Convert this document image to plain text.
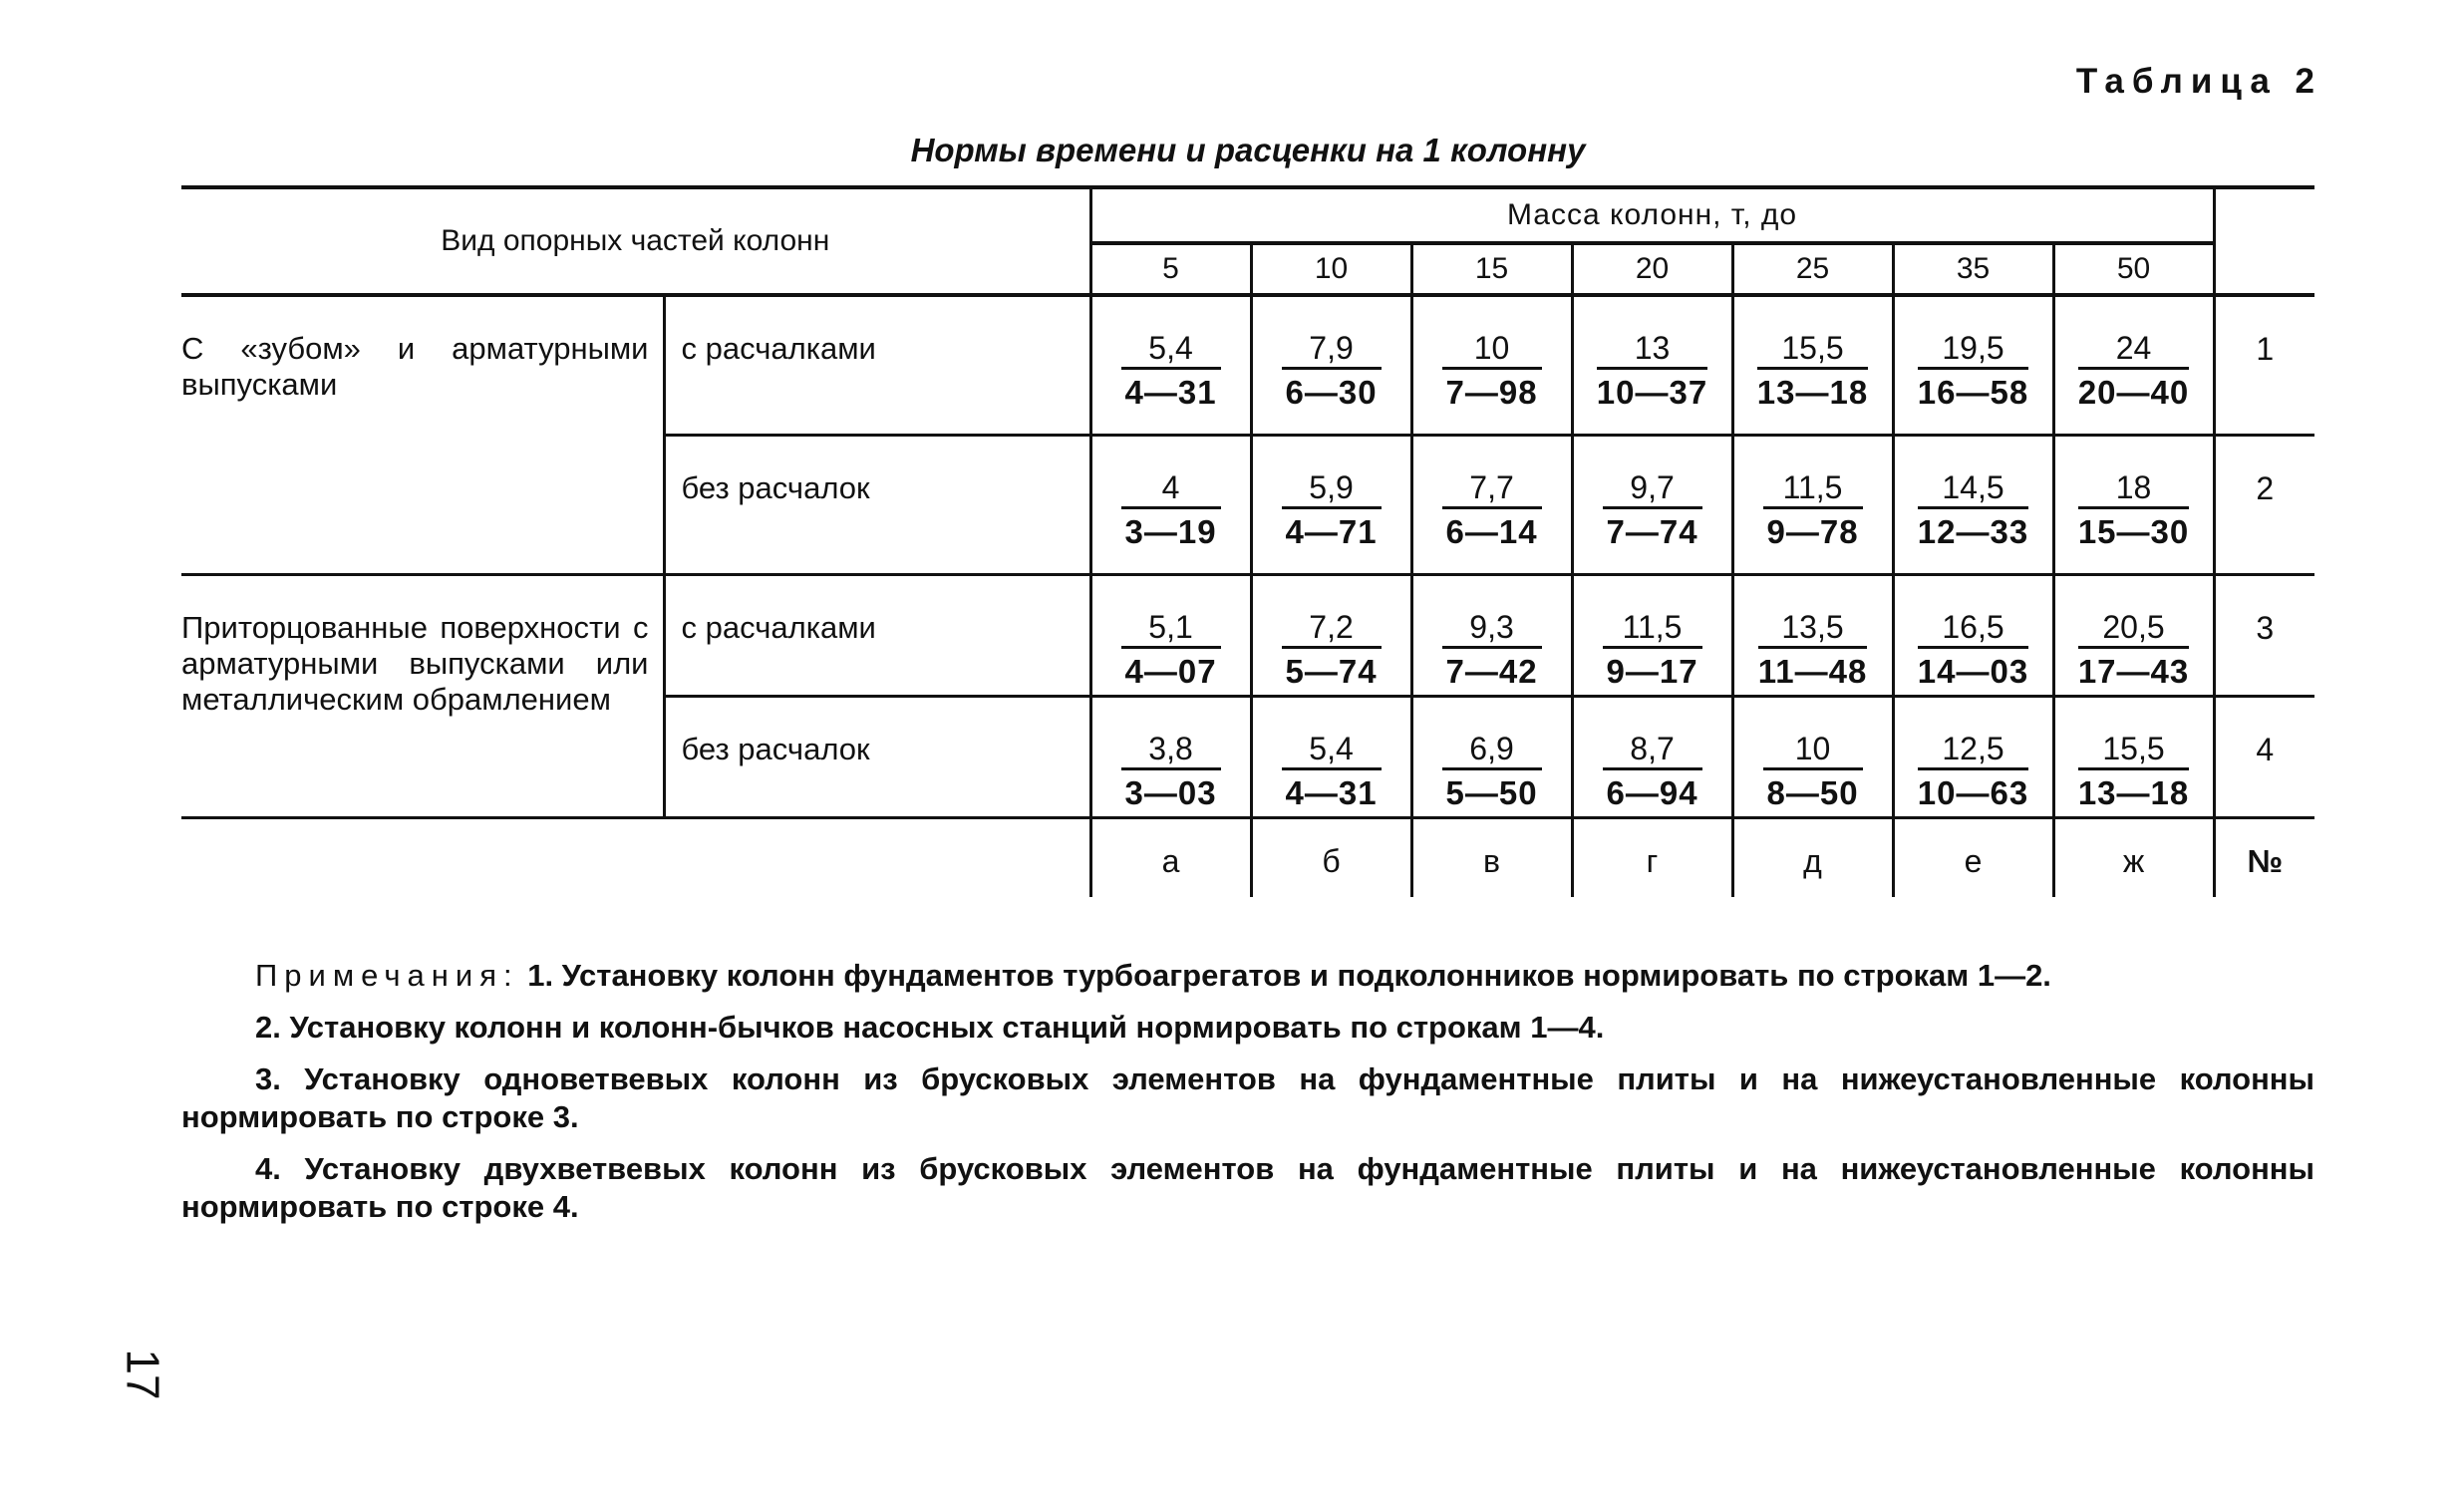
Таблица 2
Нормы времени и расценки на 1 колонну
Вид опорных частей колонн		Масса колонн, т, до							
		5	10	15	20	25	35	50	
С «зубом» и арматурными выпусками	с расчалками	$\frac{5,4}{4—31}$	$\frac{7,9}{6—30}$	$\frac{10}{7—98}$	$\frac{13}{10—37}$	$\frac{15,5}{13—18}$	$\frac{19,5}{16—58}$	$\frac{24}{20—40}$	1
	без расчалок	$\frac{4}{3—19}$	$\frac{5,9}{4—71}$	$\frac{7,7}{6—14}$	$\frac{9,7}{7—74}$	$\frac{11,5}{9—78}$	$\frac{14,5}{12—33}$	$\frac{18}{15—30}$	2
Приторцованные поверхности с арматурными выпусками или металлическим обрамлением	с расчалками	$\frac{5,1}{4—07}$	$\frac{7,2}{5—74}$	$\frac{9,3}{7—42}$	$\frac{11,5}{9—17}$	$\frac{13,5}{11—48}$	$\frac{16,5}{14—03}$	$\frac{20,5}{17—43}$	3
	без расчалок	$\frac{3,8}{3—03}$	$\frac{5,4}{4—31}$	$\frac{6,9}{5—50}$	$\frac{8,7}{6—94}$	$\frac{10}{8—50}$	$\frac{12,5}{10—63}$	$\frac{15,5}{13—18}$	4
		а	б	в	г	д	е	ж	№

Примечания: 1. Установку колонн фундаментов турбоагрегатов и подколонников нормировать по строкам 1—2.

2. Установку колонн и колонн-бычков насосных станций нормировать по строкам 1—4.

3. Установку одноветвевых колонн из брусковых элементов на фундаментные плиты и на нижеустановленные колонны нормировать по строке 3.

4. Установку двухветвевых колонн из брусковых элементов на фундаментные плиты и на нижеустановленные колонны нормировать по строке 4.

17
